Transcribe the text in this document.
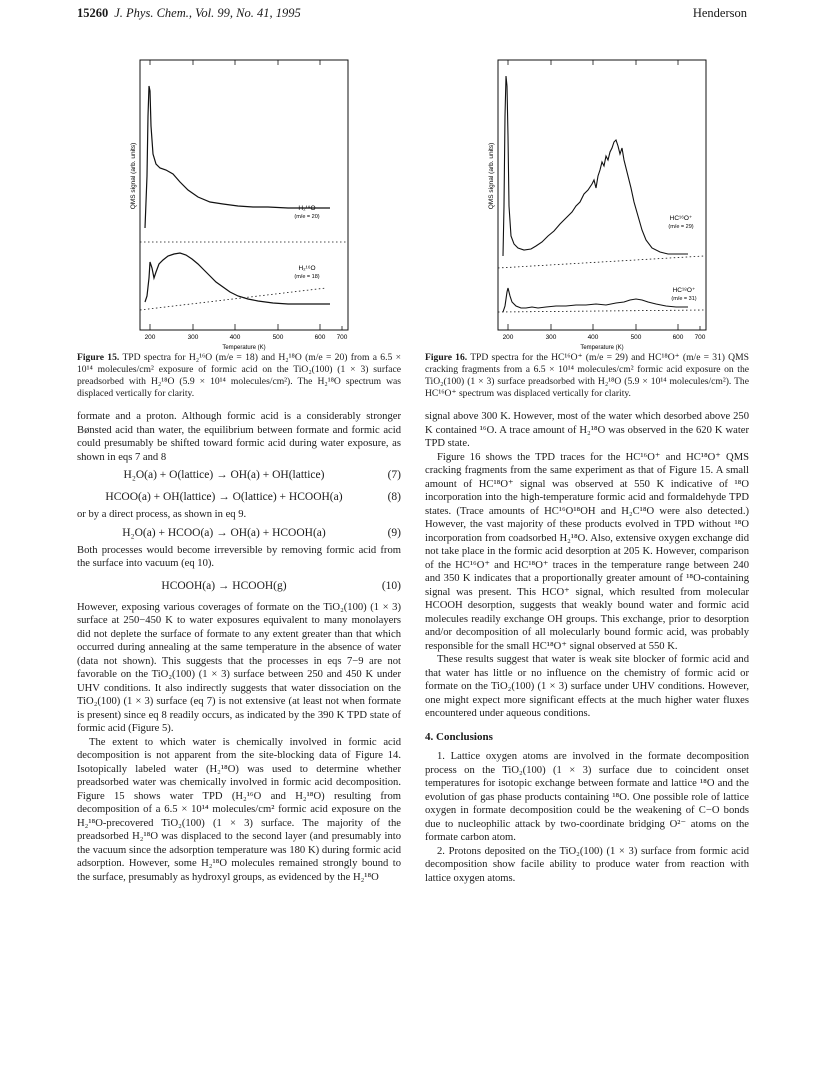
15260 J. Phys. Chem., Vol. 99, No. 41, 1995	Henderson
QMS signal (arb. units)	H₂¹⁸O
(m/e = 20)
H₂¹⁶O
(m/e = 18)
200	300	400	500	600 700
Temperature (K)
QMS signal (arb. units)
HC¹⁶O⁺
(m/e = 29)
HC¹⁸O⁺
(m/e = 31)
200	300	400	500	600 700
Temperature (K)

Figure 15. TPD spectra for H₂¹⁶O (m/e = 18) and H₂¹⁸O (m/e = 20) from a 6.5 × 10¹⁴ molecules/cm² exposure of formic acid on the TiO₂(100) (1 × 3) surface preadsorbed with H₂¹⁸O (5.9 × 10¹⁴ molecules/cm²). The H₂¹⁸O spectrum was displaced vertically for clarity.

formate and a proton. Although formic acid is a considerably stronger Bønsted acid than water, the equilibrium between formate and formic acid could presumably be shifted toward formic acid during water exposure, as shown in eqs 7 and 8

H₂O(a) + O(lattice) → OH(a) + OH(lattice)	(7)
HCOO(a) + OH(lattice) → O(lattice) + HCOOH(a)	(8)

or by a direct process, as shown in eq 9.

H₂O(a) + HCOO(a) → OH(a) + HCOOH(a)	(9)

Both processes would become irreversible by removing formic acid from the surface into vacuum (eq 10).

HCOOH(a) → HCOOH(g)	(10)

However, exposing various coverages of formate on the TiO₂(100) (1 × 3) surface at 250−450 K to water exposures equivalent to many monolayers did not deplete the surface of formate to any extent greater than that which occurred during annealing at the same temperature in the absence of water (data not shown). This suggests that the processes in eqs 7−9 are not favorable on the TiO₂(100) (1 × 3) surface between 250 and 450 K under UHV conditions. It also indirectly suggests that water dissociation on the TiO₂(100) (1 × 3) surface (eq 7) is not extensive (at least not when formate is present) since eq 8 readily occurs, as indicated by the 390 K TPD state of formic acid (Figure 5).

The extent to which water is chemically involved in formic acid decomposition is not apparent from the site-blocking data of Figure 14. Isotopically labeled water (H₂¹⁸O) was used to determine whether preadsorbed water was chemically involved in formic acid decomposition. Figure 15 shows water TPD (H₂¹⁶O and H₂¹⁸O) resulting from decomposition of a 6.5 × 10¹⁴ molecules/cm² formic acid exposure on the H₂¹⁸O-precovered TiO₂(100) (1 × 3) surface. The majority of the preadsorbed H₂¹⁸O was displaced to the second layer (and presumably into the vacuum since the adsorption temperature was 180 K) during formic acid adsorption. However, some H₂¹⁸O molecules remained strongly bound to the surface, presumably as hydroxyl groups, as evidenced by the H₂¹⁸O

Figure 16. TPD spectra for the HC¹⁶O⁺ (m/e = 29) and HC¹⁸O⁺ (m/e = 31) QMS cracking fragments from a 6.5 × 10¹⁴ molecules/cm² formic acid exposure on the TiO₂(100) (1 × 3) surface preadsorbed with H₂¹⁸O (5.9 × 10¹⁴ molecules/cm²). The HC¹⁶O⁺ spectrum was displaced vertically for clarity.

signal above 300 K. However, most of the water which desorbed above 250 K contained ¹⁶O. A trace amount of H₂¹⁸O was observed in the 620 K water TPD state.

Figure 16 shows the TPD traces for the HC¹⁶O⁺ and HC¹⁸O⁺ QMS cracking fragments from the same experiment as that of Figure 15. A small amount of HC¹⁸O⁺ signal was observed at 550 K indicative of ¹⁸O incorporation into the high-temperature formic acid and formaldehyde TPD states. (Trace amounts of HC¹⁶O¹⁸OH and H₂C¹⁸O were also detected.) However, the vast majority of these products evolved in TPD without ¹⁸O incorporation from coadsorbed H₂¹⁸O. Also, extensive oxygen exchange did not take place in the formic acid desorption at 205 K. However, comparison of the HC¹⁶O⁺ and HC¹⁸O⁺ traces in the temperature range between 240 and 350 K indicates that a proportionally greater amount of ¹⁸O-containing signal was present. This HCO⁺ signal, which resulted from molecular HCOOH desorption, suggests that weakly bound water and formic acid molecules readily exchange OH groups. This exchange, prior to desorption and/or decomposition of all molecularly bound formic acid, was probably responsible for the small HC¹⁸O⁺ signal observed at 550 K.

These results suggest that water is weak site blocker of formic acid and that water has little or no influence on the chemistry of formic acid or formate on the TiO₂(100) (1 × 3) surface under UHV conditions. However, one might expect more significant effects at the much higher water fluxes encountered under aqueous conditions.

4. Conclusions

1. Lattice oxygen atoms are involved in the formate decomposition process on the TiO₂(100) (1 × 3) surface due to coincident onset temperatures for isotopic exchange between formate and lattice ¹⁸O and the evolution of gas phase products containing ¹⁸O. One possible role of lattice oxygen in formate decomposition could be the weakening of C−O bonds due to nucleophilic attack by two-coordinate bridging O²⁻ atoms on the formate carbon atom.

2. Protons deposited on the TiO₂(100) (1 × 3) surface from formic acid decomposition show facile ability to produce water from reaction with lattice oxygen atoms.
